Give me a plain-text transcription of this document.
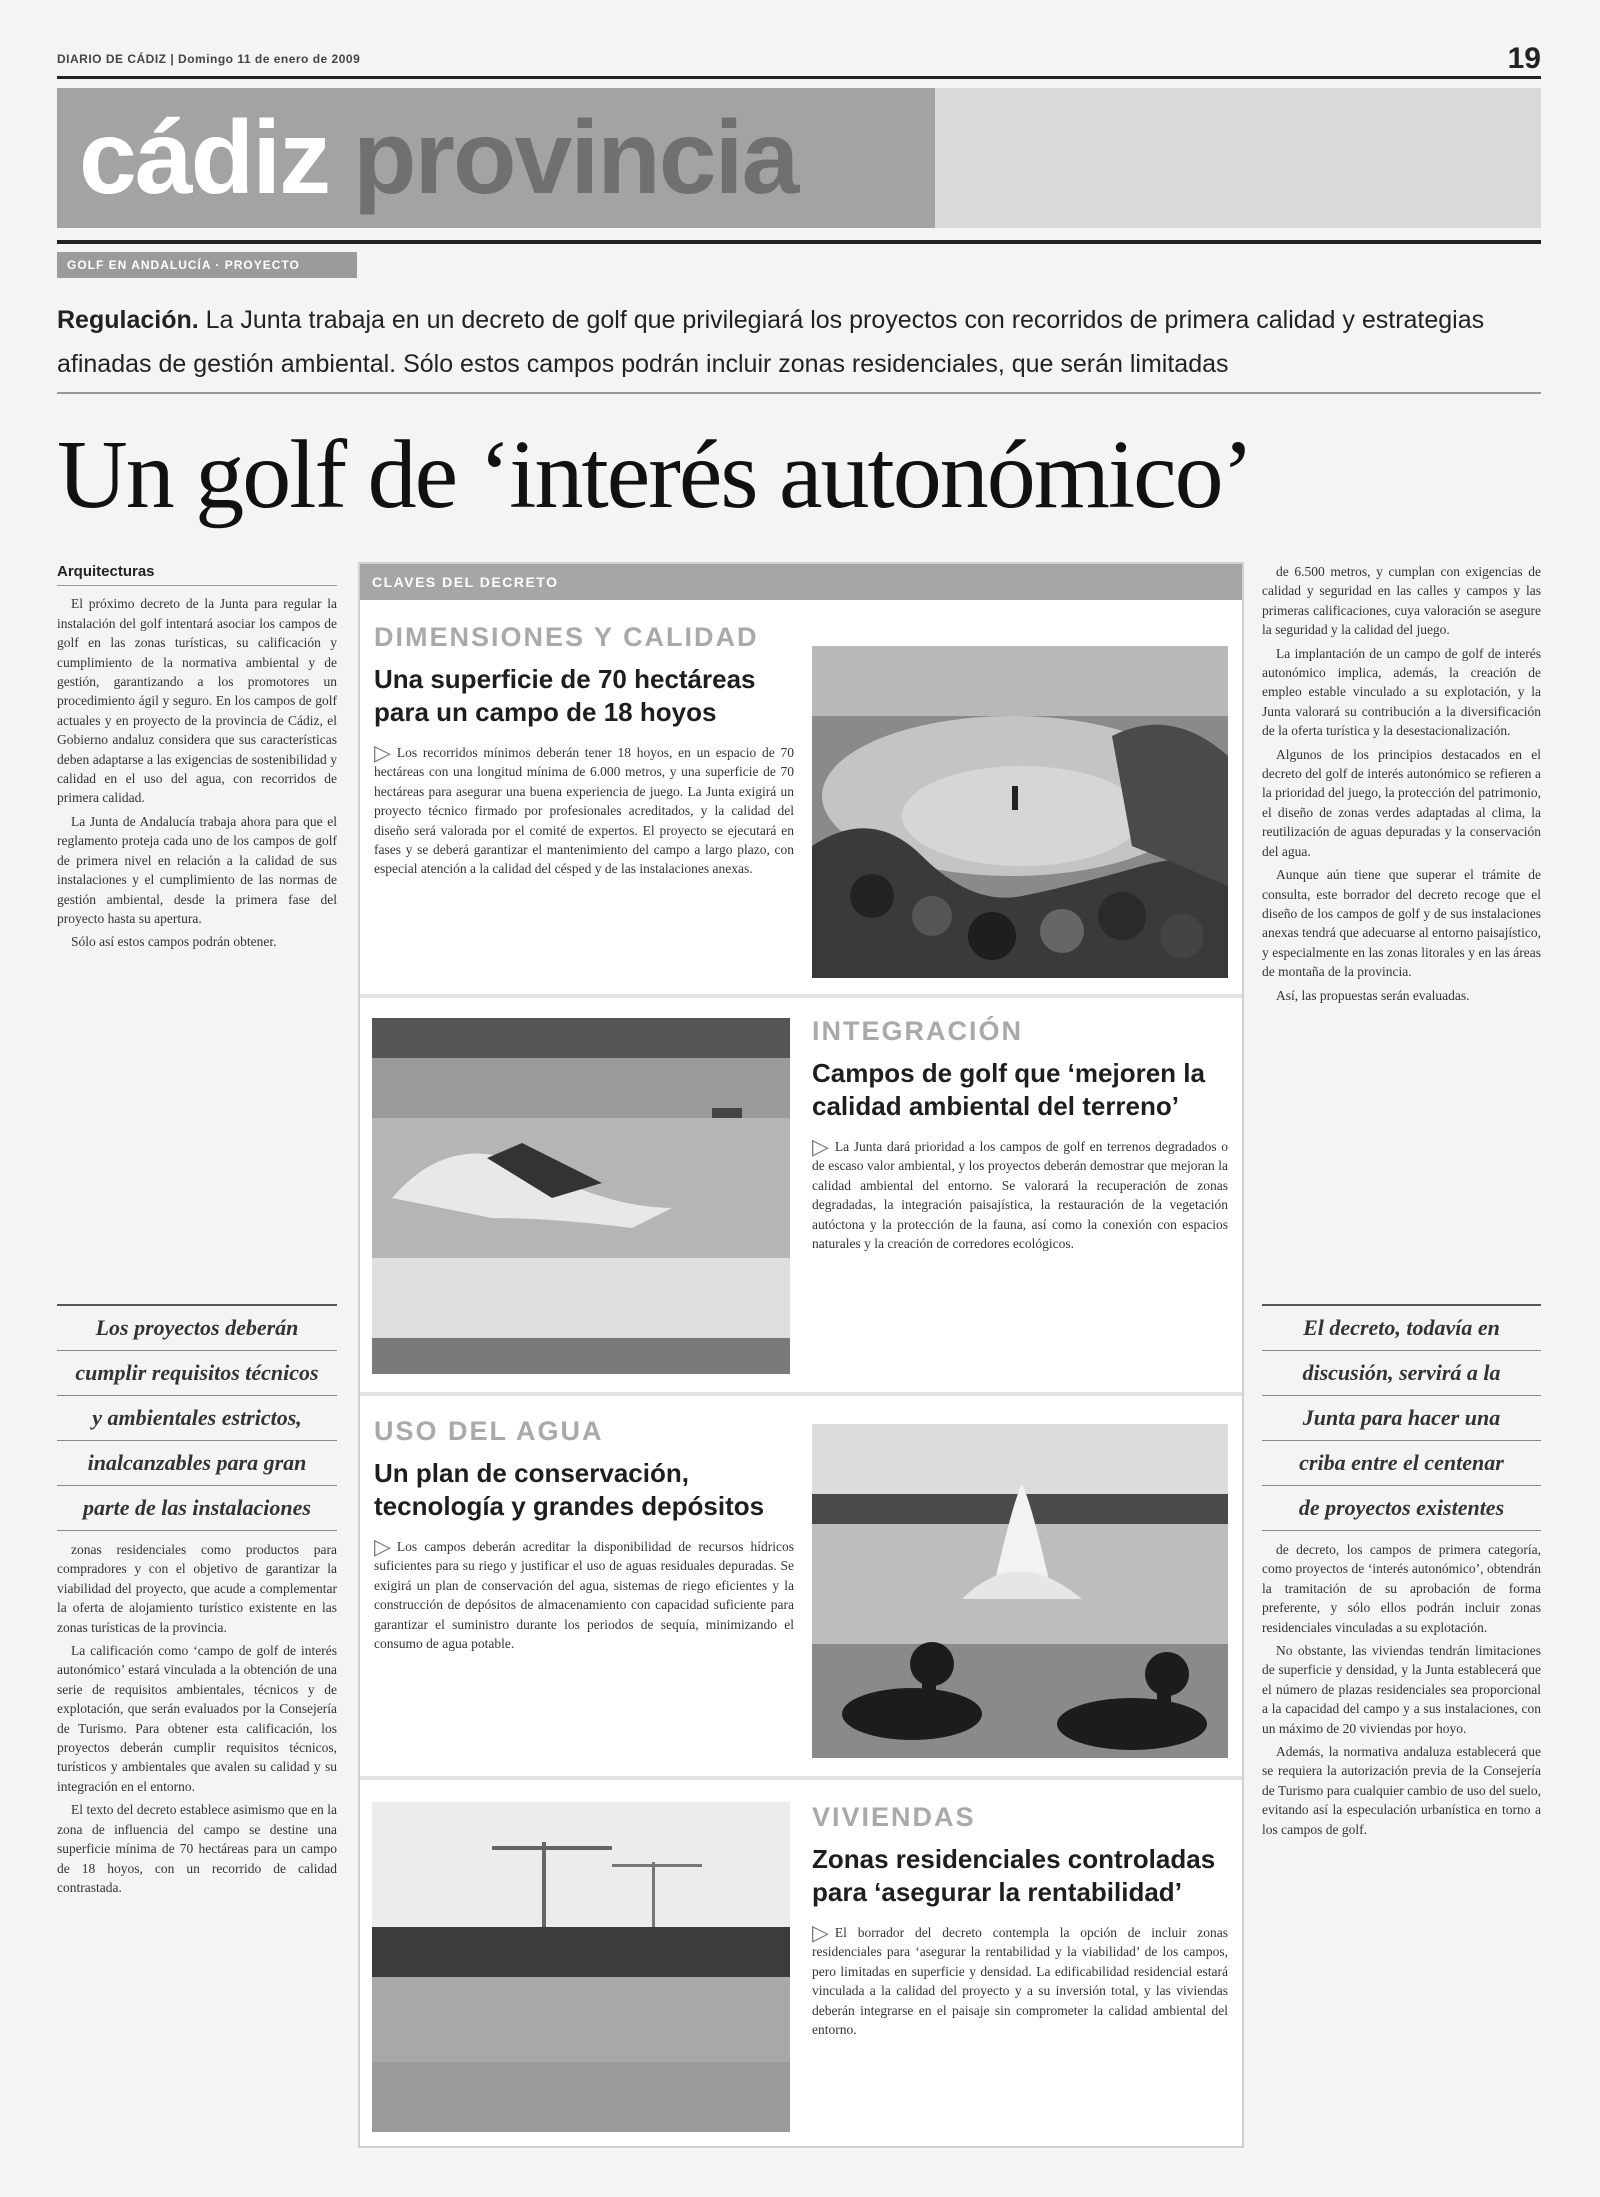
DIARIO DE CÁDIZ | Domingo 11 de enero de 2009	19
cádiz provincia
GOLF EN ANDALUCÍA · PROYECTO
Regulación. La Junta trabaja en un decreto de golf que privilegiará los proyectos con recorridos de primera calidad y estrategias afinadas de gestión ambiental. Sólo estos campos podrán incluir zonas residenciales, que serán limitadas
Un golf de ‘interés autonómico’
Arquitecturas

El próximo decreto de la Junta para regular la instalación del golf intentará asociar los campos de golf en las zonas turísticas, su calificación y cumplimiento de la normativa ambiental y de gestión, garantizando a los promotores un procedimiento ágil y seguro. En los campos de golf actuales y en proyecto de la provincia de Cádiz, el Gobierno andaluz considera que sus características deben adaptarse a las exigencias de sostenibilidad y calidad en el uso del agua, con recorridos de primera calidad.

La Junta de Andalucía trabaja ahora para que el reglamento proteja cada uno de los campos de golf de primera nivel en relación a la calidad de sus instalaciones y el cumplimiento de las normas de gestión ambiental, desde la primera fase del proyecto hasta su apertura.

Sólo así estos campos podrán obtener.

Los proyectos deberán
cumplir requisitos técnicos
y ambientales estrictos,
inalcanzables para gran
parte de las instalaciones

zonas residenciales como productos para compradores y con el objetivo de garantizar la viabilidad del proyecto, que acude a complementar la oferta de alojamiento turístico existente en las zonas turísticas de la provincia.

La calificación como ‘campo de golf de interés autonómico’ estará vinculada a la obtención de una serie de requisitos ambientales, técnicos y de explotación, que serán evaluados por la Consejería de Turismo. Para obtener esta calificación, los proyectos deberán cumplir requisitos técnicos, turísticos y ambientales que avalen su calidad y su integración en el entorno.

El texto del decreto establece asimismo que en la zona de influencia del campo se destine una superficie mínima de 70 hectáreas para un campo de 18 hoyos, con un recorrido de calidad contrastada.

de 6.500 metros, y cumplan con exigencias de calidad y seguridad en las calles y campos y las primeras calificaciones, cuya valoración se asegure la seguridad y la calidad del juego.

La implantación de un campo de golf de interés autonómico implica, además, la creación de empleo estable vinculado a su explotación, y la Junta valorará su contribución a la diversificación de la oferta turística y la desestacionalización.

Algunos de los principios destacados en el decreto del golf de interés autonómico se refieren a la prioridad del juego, la protección del patrimonio, el diseño de zonas verdes adaptadas al clima, la reutilización de aguas depuradas y la conservación del agua.

Aunque aún tiene que superar el trámite de consulta, este borrador del decreto recoge que el diseño de los campos de golf y de sus instalaciones anexas tendrá que adecuarse al entorno paisajístico, y especialmente en las zonas litorales y en las áreas de montaña de la provincia.

Así, las propuestas serán evaluadas.

El decreto, todavía en
discusión, servirá a la
Junta para hacer una
criba entre el centenar
de proyectos existentes

de decreto, los campos de primera categoría, como proyectos de ‘interés autonómico’, obtendrán la tramitación de su aprobación de forma preferente, y sólo ellos podrán incluir zonas residenciales vinculadas a su explotación.

No obstante, las viviendas tendrán limitaciones de superficie y densidad, y la Junta establecerá que el número de plazas residenciales sea proporcional a la capacidad del campo y a sus instalaciones, con un máximo de 20 viviendas por hoyo.

Además, la normativa andaluza establecerá que se requiera la autorización previa de la Consejería de Turismo para cualquier cambio de uso del suelo, evitando así la especulación urbanística en torno a los campos de golf.

CLAVES DEL DECRETO
DIMENSIONES Y CALIDAD
Una superficie de 70 hectáreas para un campo de 18 hoyos
▷ Los recorridos mínimos deberán tener 18 hoyos, en un espacio de 70 hectáreas con una longitud mínima de 6.000 metros, y una superficie de 70 hectáreas para asegurar una buena experiencia de juego. La Junta exigirá un proyecto técnico firmado por profesionales acreditados, y la calidad del diseño será valorada por el comité de expertos. El proyecto se ejecutará en fases y se deberá garantizar el mantenimiento del campo a largo plazo, con especial atención a la calidad del césped y de las instalaciones anexas.
INTEGRACIÓN
Campos de golf que ‘mejoren la calidad ambiental del terreno’
▷ La Junta dará prioridad a los campos de golf en terrenos degradados o de escaso valor ambiental, y los proyectos deberán demostrar que mejoran la calidad ambiental del entorno. Se valorará la recuperación de zonas degradadas, la integración paisajística, la restauración de la vegetación autóctona y la protección de la fauna, así como la conexión con espacios naturales y la creación de corredores ecológicos.
USO DEL AGUA
Un plan de conservación, tecnología y grandes depósitos
▷ Los campos deberán acreditar la disponibilidad de recursos hídricos suficientes para su riego y justificar el uso de aguas residuales depuradas. Se exigirá un plan de conservación del agua, sistemas de riego eficientes y la construcción de depósitos de almacenamiento con capacidad suficiente para garantizar el suministro durante los periodos de sequía, minimizando el consumo de agua potable.
VIVIENDAS
Zonas residenciales controladas para ‘asegurar la rentabilidad’
▷ El borrador del decreto contempla la opción de incluir zonas residenciales para ‘asegurar la rentabilidad y la viabilidad’ de los campos, pero limitadas en superficie y densidad. La edificabilidad residencial estará vinculada a la calidad del proyecto y a su inversión total, y las viviendas deberán integrarse en el paisaje sin comprometer la calidad ambiental del entorno.
